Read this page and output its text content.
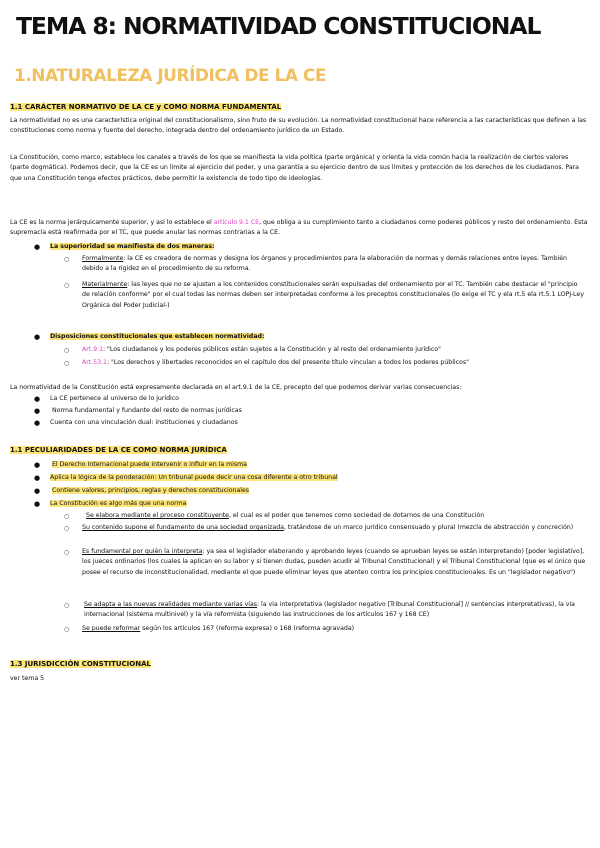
TEMA 8: NORMATIVIDAD CONSTITUCIONAL
1.NATURALEZA JURÍDICA DE LA CE
1.1 CARÁCTER NORMATIVO DE LA CE y COMO NORMA FUNDAMENTAL
La normatividad no es una característica original del constitucionalismo, sino fruto de su evolución. La normatividad constitucional hace referencia a las características que definen a las constituciones como norma y fuente del derecho, integrada dentro del ordenamiento jurídico de un Estado.
La Constitución, como marco, establece los canales a través de los que se manifiesta la vida política (parte orgánica) y orienta la vida común hacia la realización de ciertos valores (parte dogmática). Podemos decir, que la CE es un límite al ejercicio del poder, y una garantía a su ejercicio dentro de sus límites y protección de los derechos de los ciudadanos. Para que una Constitución tenga efectos prácticos, debe permitir la existencia de todo tipo de ideologías.
La CE es la norma jerárquicamente superior, y así lo establece el artículo 9.1 CE, que obliga a su cumplimiento tanto a ciudadanos como poderes públicos y resto del ordenamiento. Esta supremacía está reafirmada por el TC, que puede anular las normas contrarias a la CE.
● La superioridad se manifiesta de dos maneras:
○ Formalmente: la CE es creadora de normas y designa los órganos y procedimientos para la elaboración de normas y demás relaciones entre leyes. También debido a la rigidez en el procedimiento de su reforma.
○ Materialmente: las leyes que no se ajustan a los contenidos constitucionales serán expulsadas del ordenamiento por el TC. También cabe destacar el "principio de relación conforme" por el cual todas las normas deben ser interpretadas conforme a los preceptos constitucionales (lo exige el TC y ela rt.5 ela rt.5.1 LOPJ-Ley Orgánica del Poder Judicial-)
● Disposiciones constitucionales que establecen normatividad:
○ Art.9.1: "Los ciudadanos y los poderes públicos están sujetos a la Constitución y al resto del ordenamiento jurídico"
○ Art.53.1: "Los derechos y libertades reconocidos en el capítulo dos del presente título vinculan a todos los poderes públicos"
La normatividad de la Constitución está expresamente declarada en el art.9.1 de la CE, precepto del que podemos derivar varias consecuencias:
● La CE pertenece al universo de lo jurídico
● Norma fundamental y fundante del resto de normas jurídicas
● Cuenta con una vinculación dual: instituciones y ciudadanos
1.1 PECULIARIDADES DE LA CE COMO NORMA JURÍDICA
● El Derecho Internacional puede intervenir o influir en la misma
● Aplica la lógica de la ponderación: Un tribunal puede decir una cosa diferente a otro tribunal
● Contiene valores, principios, reglas y derechos constitucionales
● La Constitución es algo más que una norma
○	Se elabora mediante el proceso constituyente, el cual es el poder que tenemos como sociedad de dotarnos de una Constitución
○ Su contenido supone el fundamento de una sociedad organizada, tratándose de un marco jurídico consensuado y plural (mezcla de abstracción y concreción)
○ Es fundamental por quién la interpreta: ya sea el legislador elaborando y aprobando leyes (cuando se aprueban leyes se están interpretando) [poder legislativo], los jueces ordinarios (los cuales la aplican en su labor y si tienen dudas, pueden acudir al Tribunal Constitucional) y el Tribunal Constitucional (que es el único que posee el recurso de inconstitucionalidad, mediante el que puede eliminar leyes que atenten contra los principios constitucionales. Es un "legislador negativo")
○ Se adapta a las nuevas realidades mediante varias vías: la vía interpretativa (legislador negativo [Tribunal Constitucional] // sentencias interpretativas), la vía internacional (sistema multinivel) y la vía reformista (siguiendo las instrucciones de los artículos 167 y 168 CE)
○ Se puede reformar según los artículos 167 (reforma expresa) o 168 (reforma agravada)
1.3 JURISDICCIÓN CONSTITUCIONAL
ver tema 5
